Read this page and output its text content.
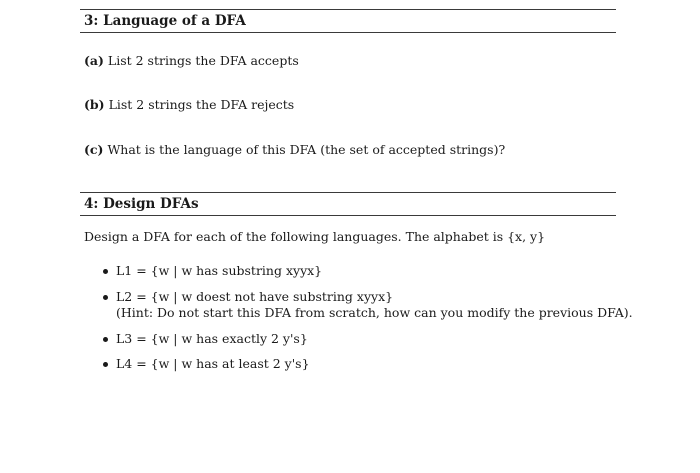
3: Language of a DFA
(a) List 2 strings the DFA accepts
(b) List 2 strings the DFA rejects
(c) What is the language of this DFA (the set of accepted strings)?
4: Design DFAs
Design a DFA for each of the following languages. The alphabet is {x, y}
L1 = {w | w has substring xyyx}
L2 = {w | w doest not have substring xyyx}
(Hint: Do not start this DFA from scratch, how can you modify the previous DFA).
L3 = {w | w has exactly 2 y's}
L4 = {w | w has at least 2 y's}
